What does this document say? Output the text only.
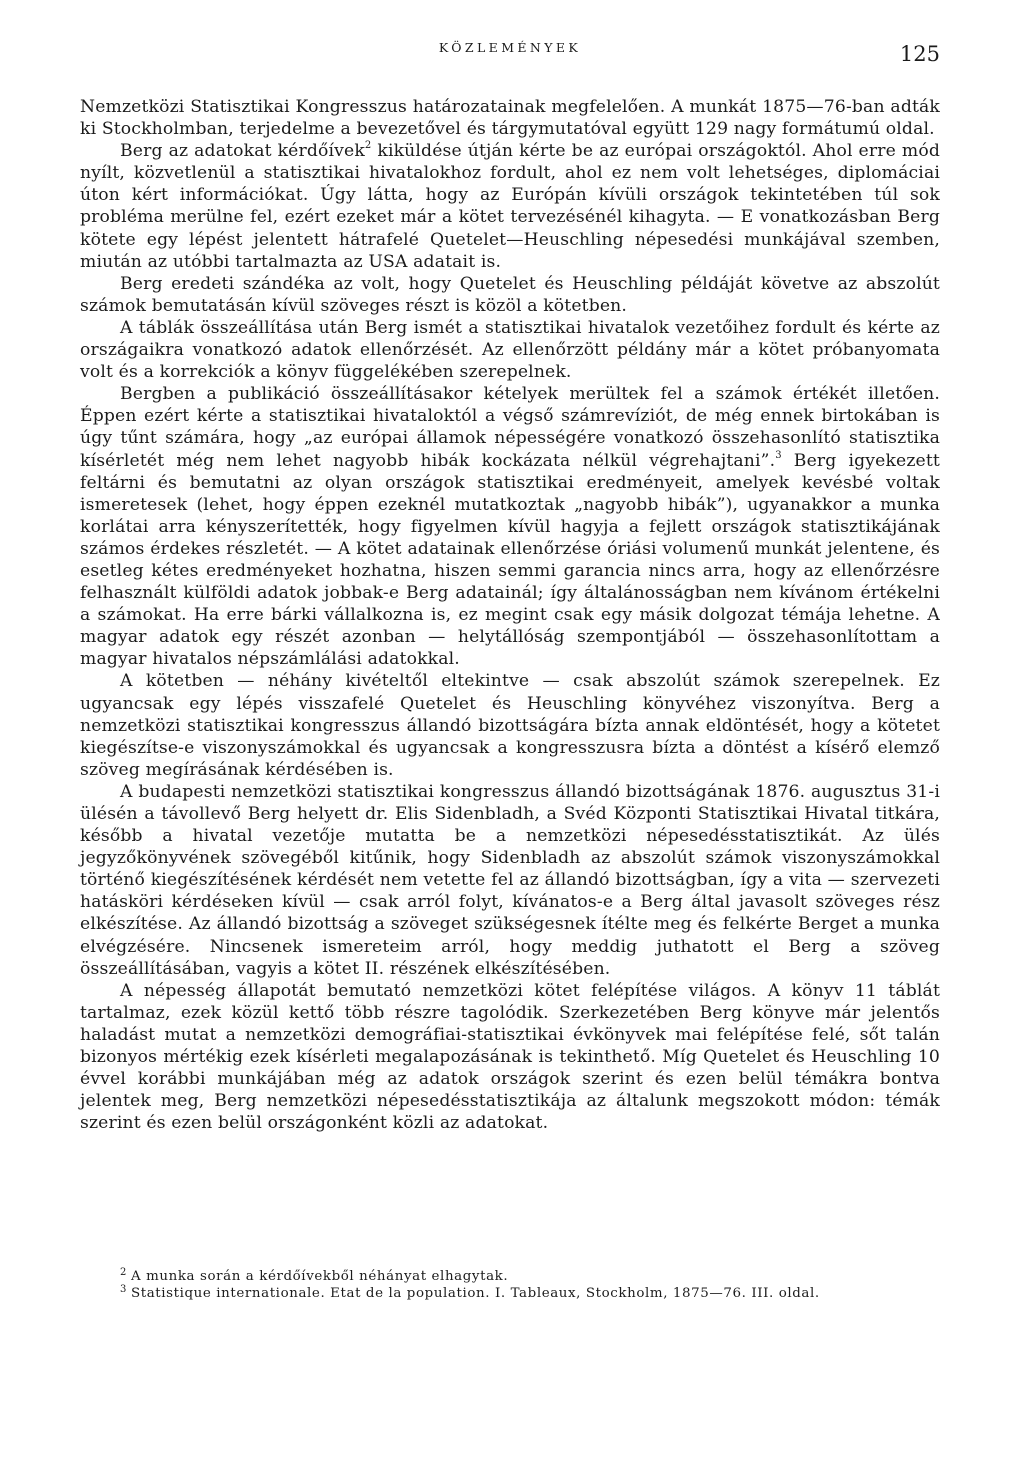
KÖZLEMÉNYEK	125

Nemzetközi Statisztikai Kongresszus határozatainak megfelelően. A munkát 1875—76-ban adták ki Stockholmban, terjedelme a bevezetővel és tárgymutatóval együtt 129 nagy formátumú oldal.

Berg az adatokat kérdőívek$^2$ kiküldése útján kérte be az európai országoktól. Ahol erre mód nyílt, közvetlenül a statisztikai hivatalokhoz fordult, ahol ez nem volt lehetséges, diplomáciai úton kért információkat. Úgy látta, hogy az Európán kívüli országok tekintetében túl sok probléma merülne fel, ezért ezeket már a kötet tervezésénél kihagyta. — E vonatkozásban Berg kötete egy lépést jelentett hátrafelé Quetelet—Heuschling népesedési munkájával szemben, miután az utóbbi tartalmazta az USA adatait is.

Berg eredeti szándéka az volt, hogy Quetelet és Heuschling példáját követve az abszolút számok bemutatásán kívül szöveges részt is közöl a kötetben.

A táblák összeállítása után Berg ismét a statisztikai hivatalok vezetőihez fordult és kérte az országaikra vonatkozó adatok ellenőrzését. Az ellenőrzött példány már a kötet próbanyomata volt és a korrekciók a könyv függelékében szerepelnek.

Bergben a publikáció összeállításakor kételyek merültek fel a számok értékét illetően. Éppen ezért kérte a statisztikai hivataloktól a végső számrevíziót, de még ennek birtokában is úgy tűnt számára, hogy „az európai államok népességére vonatkozó összehasonlító statisztika kísérletét még nem lehet nagyobb hibák kockázata nélkül végrehajtani”.$^3$ Berg igyekezett feltárni és bemutatni az olyan országok statisztikai eredményeit, amelyek kevésbé voltak ismeretesek (lehet, hogy éppen ezeknél mutatkoztak „nagyobb hibák”), ugyanakkor a munka korlátai arra kényszerítették, hogy figyelmen kívül hagyja a fejlett országok statisztikájának számos érdekes részletét. — A kötet adatainak ellenőrzése óriási volumenű munkát jelentene, és esetleg kétes eredményeket hozhatna, hiszen semmi garancia nincs arra, hogy az ellenőrzésre felhasznált külföldi adatok jobbak-e Berg adatainál; így általánosságban nem kívánom értékelni a számokat. Ha erre bárki vállalkozna is, ez megint csak egy másik dolgozat témája lehetne. A magyar adatok egy részét azonban — helytállóság szempontjából — összehasonlítottam a magyar hivatalos népszámlálási adatokkal.

A kötetben — néhány kivételtől eltekintve — csak abszolút számok szerepelnek. Ez ugyancsak egy lépés visszafelé Quetelet és Heuschling könyvéhez viszonyítva. Berg a nemzetközi statisztikai kongresszus állandó bizottságára bízta annak eldöntését, hogy a kötetet kiegészítse-e viszonyszámokkal és ugyancsak a kongresszusra bízta a döntést a kísérő elemző szöveg megírásának kérdésében is.

A budapesti nemzetközi statisztikai kongresszus állandó bizottságának 1876. augusztus 31-i ülésén a távollevő Berg helyett dr. Elis Sidenbladh, a Svéd Központi Statisztikai Hivatal titkára, később a hivatal vezetője mutatta be a nemzetközi népesedésstatisztikát. Az ülés jegyzőkönyvének szövegéből kitűnik, hogy Sidenbladh az abszolút számok viszonyszámokkal történő kiegészítésének kérdését nem vetette fel az állandó bizottságban, így a vita — szervezeti hatásköri kérdéseken kívül — csak arról folyt, kívánatos-e a Berg által javasolt szöveges rész elkészítése. Az állandó bizottság a szöveget szükségesnek ítélte meg és felkérte Berget a munka elvégzésére. Nincsenek ismereteim arról, hogy meddig juthatott el Berg a szöveg összeállításában, vagyis a kötet II. részének elkészítésében.

A népesség állapotát bemutató nemzetközi kötet felépítése világos. A könyv 11 táblát tartalmaz, ezek közül kettő több részre tagolódik. Szerkezetében Berg könyve már jelentős haladást mutat a nemzetközi demográfiai-statisztikai évkönyvek mai felépítése felé, sőt talán bizonyos mértékig ezek kísérleti megalapozásának is tekinthető. Míg Quetelet és Heuschling 10 évvel korábbi munkájában még az adatok országok szerint és ezen belül témákra bontva jelentek meg, Berg nemzetközi népesedésstatisztikája az általunk megszokott módon: témák szerint és ezen belül országonként közli az adatokat.

$^2$ A munka során a kérdőívekből néhányat elhagytak.

$^3$ Statistique internationale. Etat de la population. I. Tableaux, Stockholm, 1875—76. III. oldal.
